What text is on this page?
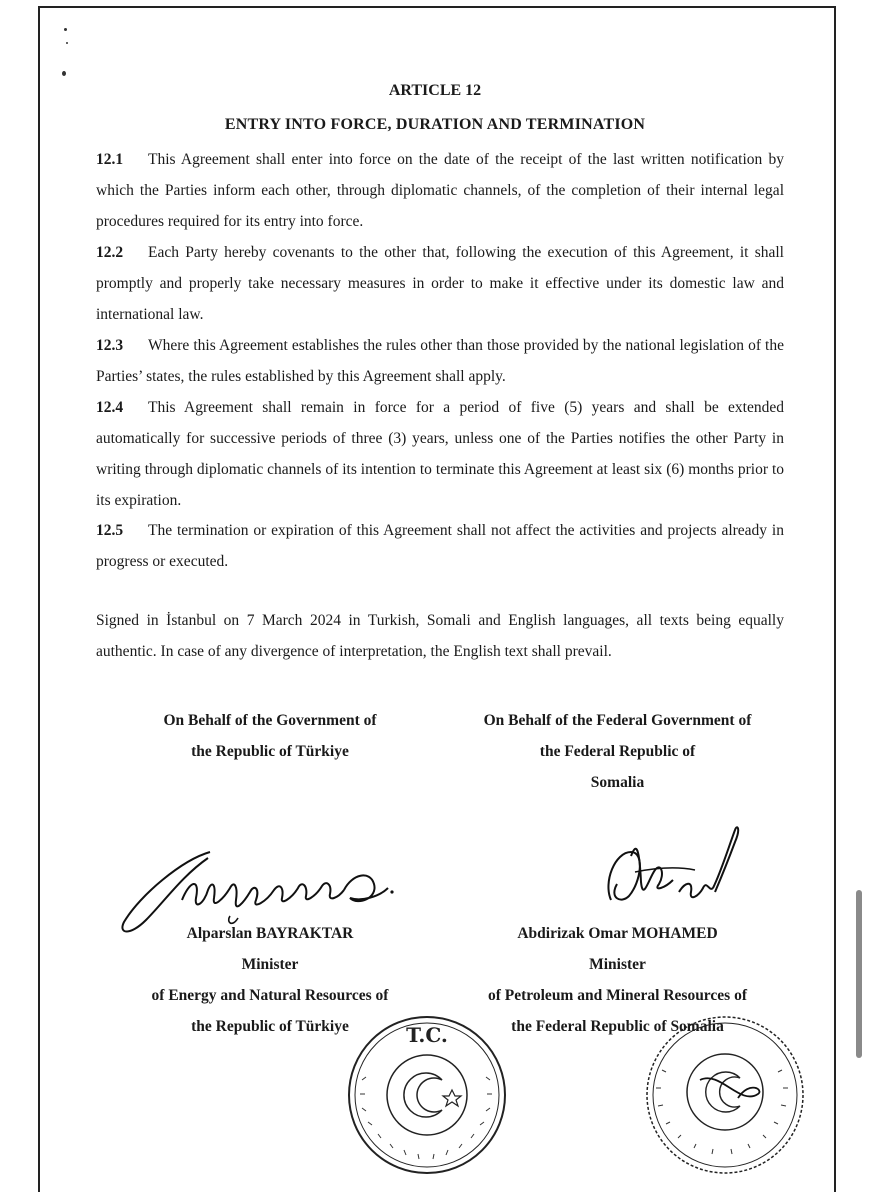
ARTICLE 12
ENTRY INTO FORCE, DURATION AND TERMINATION

12.1 This Agreement shall enter into force on the date of the receipt of the last written notification by which the Parties inform each other, through diplomatic channels, of the completion of their internal legal procedures required for its entry into force.

12.2 Each Party hereby covenants to the other that, following the execution of this Agreement, it shall promptly and properly take necessary measures in order to make it effective under its domestic law and international law.

12.3 Where this Agreement establishes the rules other than those provided by the national legislation of the Parties’ states, the rules established by this Agreement shall apply.

12.4 This Agreement shall remain in force for a period of five (5) years and shall be extended automatically for successive periods of three (3) years, unless one of the Parties notifies the other Party in writing through diplomatic channels of its intention to terminate this Agreement at least six (6) months prior to its expiration.

12.5 The termination or expiration of this Agreement shall not affect the activities and projects already in progress or executed.

Signed in İstanbul on 7 March 2024 in Turkish, Somali and English languages, all texts being equally authentic. In case of any divergence of interpretation, the English text shall prevail.

On Behalf of the Government of
the Republic of Türkiye
On Behalf of the Federal Government of
the Federal Republic of
Somalia
Alparslan BAYRAKTAR
Minister
of Energy and Natural Resources of
the Republic of Türkiye
Abdirizak Omar MOHAMED
Minister
of Petroleum and Mineral Resources of
the Federal Republic of Somalia
T.C.
